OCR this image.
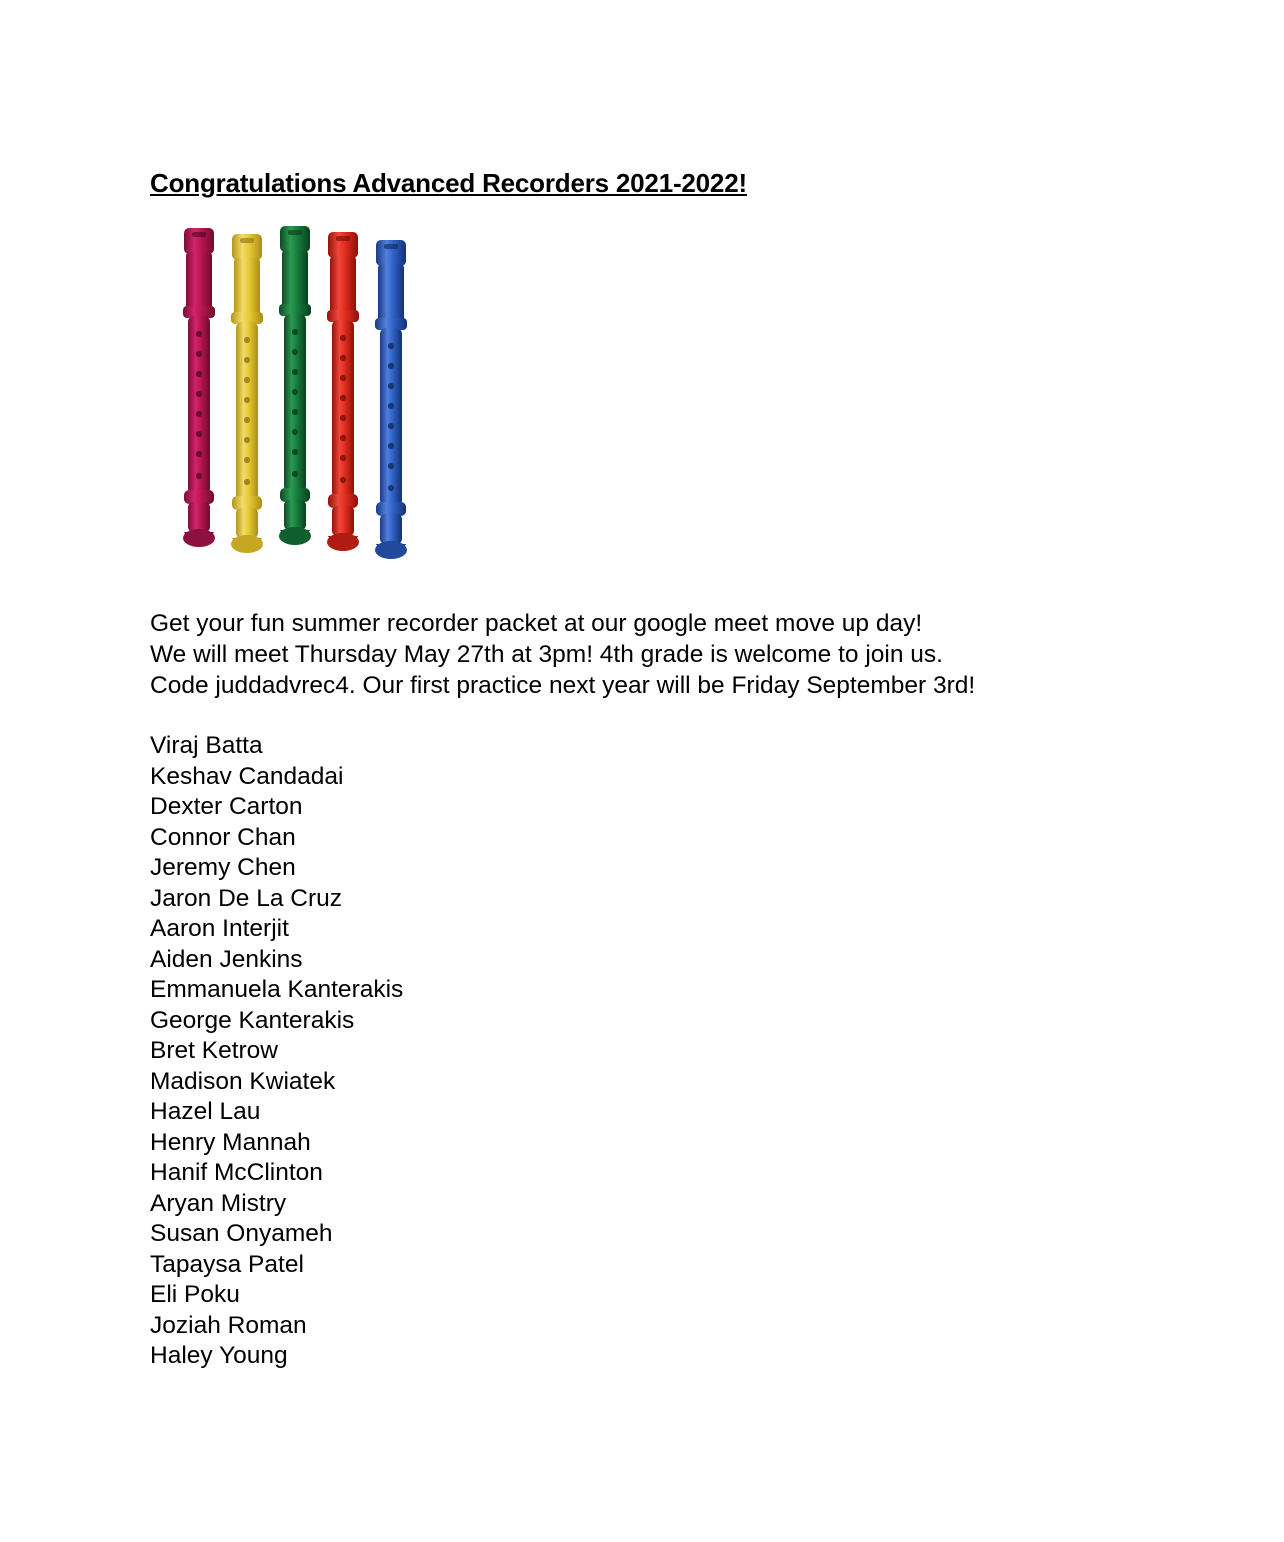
Congratulations Advanced Recorders 2021-2022!
Get your fun summer recorder packet at our google meet move up day!
We will meet Thursday May 27th at 3pm! 4th grade is welcome to join us.
Code juddadvrec4. Our first practice next year will be Friday September 3rd!
Viraj Batta
Keshav Candadai
Dexter Carton
Connor Chan
Jeremy Chen
Jaron De La Cruz
Aaron Interjit
Aiden Jenkins
Emmanuela Kanterakis
George Kanterakis
Bret Ketrow
Madison Kwiatek
Hazel Lau
Henry Mannah
Hanif McClinton
Aryan Mistry
Susan Onyameh
Tapaysa Patel
Eli Poku
Joziah Roman
Haley Young
